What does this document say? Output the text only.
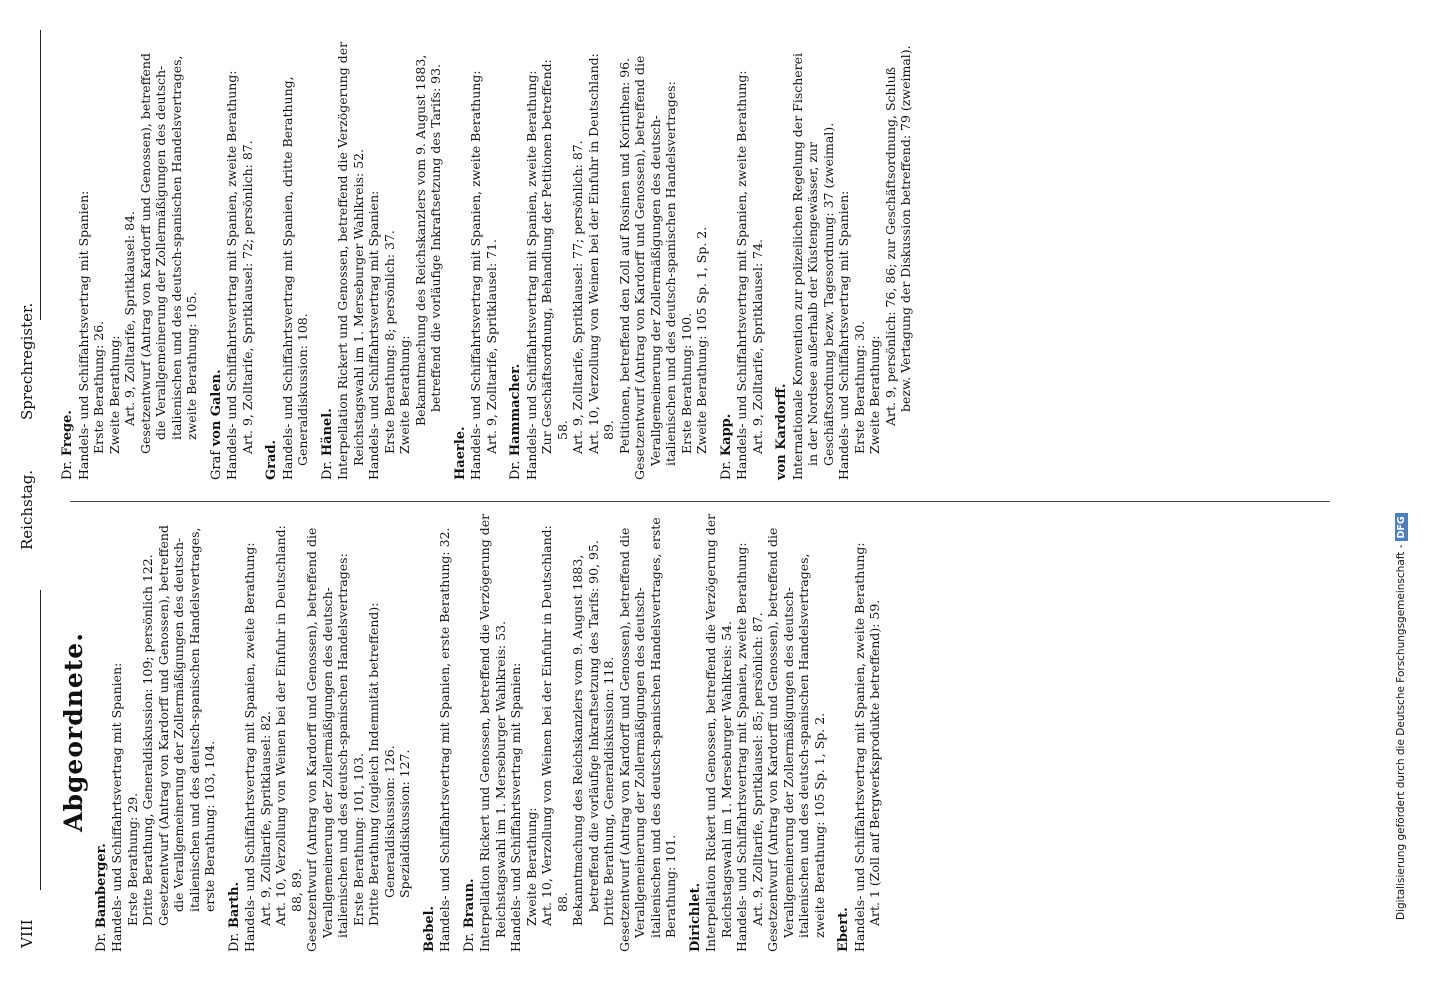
VIII
Reichstag.
Sprechregister.
Abgeordnete.
Dr. Bamberger. Handels- und Schiffahrtsvertrag mit Spanien: Erste Berathung: 29. Dritte Berathung, Generaldiskussion: 109; persönlich 122. Gesetzentwurf (Antrag von Kardorff und Genossen), betreffend die Verallgemeinerung der Zollermäßigungen des deutsch-italienischen und des deutsch-spanischen Handelsvertrages, erste Berathung: 103, 104.
Dr. Barth. Handels- und Schiffahrtsvertrag mit Spanien, zweite Berathung: Art. 9, Zolltarife, Spritklausel: 82. Art. 10, Verzollung von Weinen bei der Einfuhr in Deutschland: 88, 89. Gesetzentwurf (Antrag von Kardorff und Genossen), betreffend die Verallgemeinerung der Zollermäßigungen des deutsch-italienischen und des deutsch-spanischen Handelsvertrages: Erste Berathung: 101, 103. Dritte Berathung (zugleich Indemnität betreffend): Generaldiskussion: 126. Spezialdiskussion: 127.
Bebel. Handels- und Schiffahrtsvertrag mit Spanien, erste Berathung: 32. Dr. Braun. Interpellation Rickert und Genossen, betreffend die Verzögerung der Reichstagswahl im 1. Merseburger Wahlkreis: 53. Handels- und Schiffahrtsvertrag mit Spanien: Zweite Berathung: Art. 10, Verzollung von Weinen bei der Einfuhr in Deutschland: 88. Bekanntmachung des Reichskanzlers vom 9. August 1883, betreffend die vorläufige Inkraftsetzung des Tarifs: 90, 95. Dritte Berathung, Generaldiskussion: 118. Gesetzentwurf (Antrag von Kardorff und Genossen), betreffend die Verallgemeinerung der Zollermäßigungen des deutsch-italienischen und des deutsch-spanischen Handelsvertrages, erste Berathung: 101. Dirichlet. Interpellation Rickert und Genossen, betreffend die Verzögerung der Reichstagswahl im 1. Merseburger Wahlkreis: 54. Handels- und Schiffahrtsvertrag mit Spanien, zweite Berathung: Art. 9, Zolltarife, Spritklausel: 85; persönlich: 87. Gesetzentwurf (Antrag von Kardorff und Genossen), betreffend die Verallgemeinerung der Zollermäßigungen des deutsch-italienischen und des deutsch-spanischen Handelsvertrages, zweite Berathung: 105 Sp. 1, Sp. 2. Ebert. Handels- und Schiffahrtsvertrag mit Spanien, zweite Berathung: Art. 1 (Zoll auf Bergwerksprodukte betreffend): 59.
Dr. Frege. Handels- und Schiffahrtsvertrag mit Spanien: Erste Berathung: 26. Zweite Berathung: Art. 9, Zolltarife, Spritklausel: 84. Gesetzentwurf (Antrag von Kardorff und Genossen), betreffend die Verallgemeinerung der Zollermäßigungen des deutsch-italienischen und des deutsch-spanischen Handelsvertrages, zweite Berathung: 105.
Graf von Galen. Handels- und Schiffahrtsvertrag mit Spanien, zweite Berathung: Art. 9, Zolltarife, Spritklausel: 72; persönlich: 87.
Grad. Handels- und Schiffahrtsvertrag mit Spanien, dritte Berathung, Generaldiskussion: 108.
Dr. Hänel. Interpellation Rickert und Genossen, betreffend die Verzögerung der Reichstagswahl im 1. Merseburger Wahlkreis: 52. Handels- und Schiffahrtsvertrag mit Spanien: Erste Berathung: 8; persönlich: 37. Zweite Berathung: Bekanntmachung des Reichskanzlers vom 9. August 1883, betreffend die vorläufige Inkraftsetzung des Tarifs: 93.
Haerle. Handels- und Schiffahrtsvertrag mit Spanien, zweite Berathung: Art. 9, Zolltarife, Spritklausel: 71.
Dr. Hammacher. Handels- und Schiffahrtsvertrag mit Spanien, zweite Berathung: Zur Geschäftsordnung, Behandlung der Petitionen betreffend: 58. Art. 9, Zolltarife, Spritklausel: 77; persönlich: 87. Art. 10, Verzollung von Weinen bei der Einfuhr in Deutschland: 89. Petitionen, betreffend den Zoll auf Rosinen und Korinthen: 96. Gesetzentwurf (Antrag von Kardorff und Genossen), betreffend die Verallgemeinerung der Zollermäßigungen des deutsch-italienischen und des deutsch-spanischen Handelsvertrages: Erste Berathung: 100. Zweite Berathung: 105 Sp. 1, Sp. 2.
Dr. Kapp. Handels- und Schiffahrtsvertrag mit Spanien, zweite Berathung: Art. 9, Zolltarife, Spritklausel: 74. von Kardorff. Internationale Konvention zur polizeilichen Regelung der Fischerei in der Nordsee außerhalb der Küstengewässer, zur Geschäftsordnung bezw. Tagesordnung: 37 (zweimal). Handels- und Schiffahrtsvertrag mit Spanien: Erste Berathung: 30. Zweite Berathung: Art. 9, persönlich: 76, 86; zur Geschäftsordnung, Schluß bezw. Vertagung der Diskussion betreffend: 79 (zweimal).
Digitalisierung gefördert durch die Deutsche Forschungsgemeinschaft -DFG
